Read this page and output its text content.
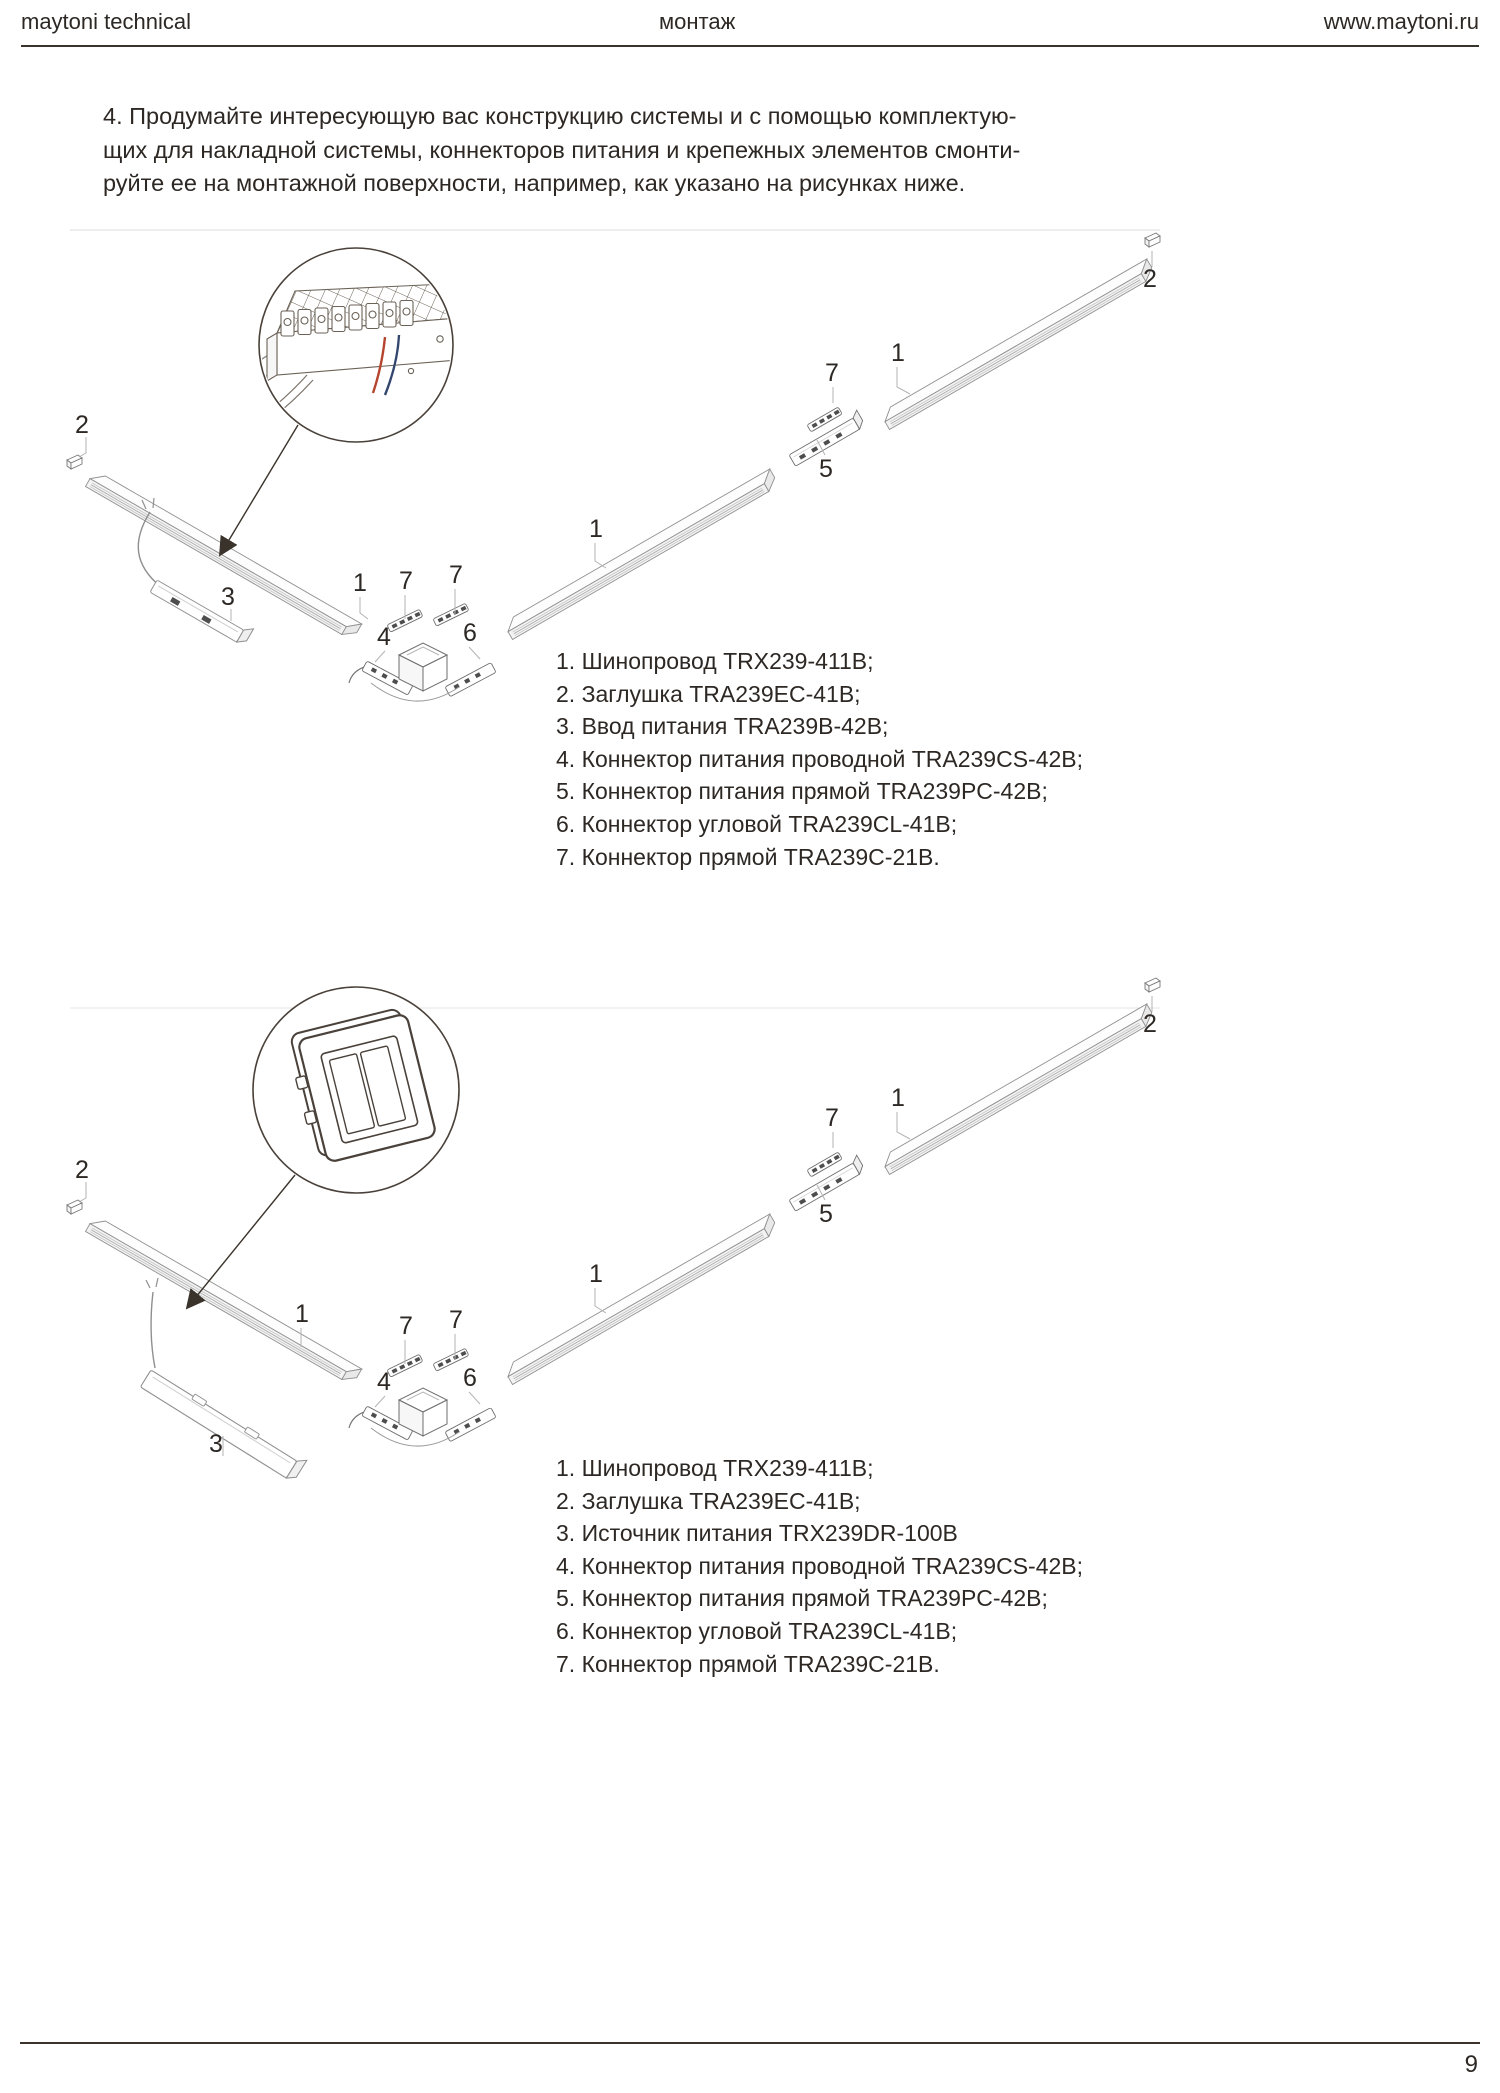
maytoni technical	монтаж	www.maytoni.ru
4. Продумайте интересующую вас конструкцию системы и с помощью комплектую-
щих для накладной системы, коннекторов питания и крепежных элементов смонти-
руйте ее на монтажной поверхности, например, как указано на рисунках ниже.
2
3	1 7 7
4	6
1
7
5
1
2
1. Шинопровод TRX239-411B;
2. Заглушка TRA239EC-41B;
3. Ввод питания TRA239B-42B;
4. Коннектор питания проводной TRA239CS-42B;
5. Коннектор питания прямой TRA239PC-42B;
6. Коннектор угловой TRA239CL-41B;
7. Коннектор прямой TRA239C-21B.
2
3
1	7 7
4	6
1
7
5
1
2
1. Шинопровод TRX239-411B;
2. Заглушка TRA239EC-41B;
3. Источник питания TRX239DR-100B
4. Коннектор питания проводной TRA239CS-42B;
5. Коннектор питания прямой TRA239PC-42B;
6. Коннектор угловой TRA239CL-41B;
7. Коннектор прямой TRA239C-21B.
9
